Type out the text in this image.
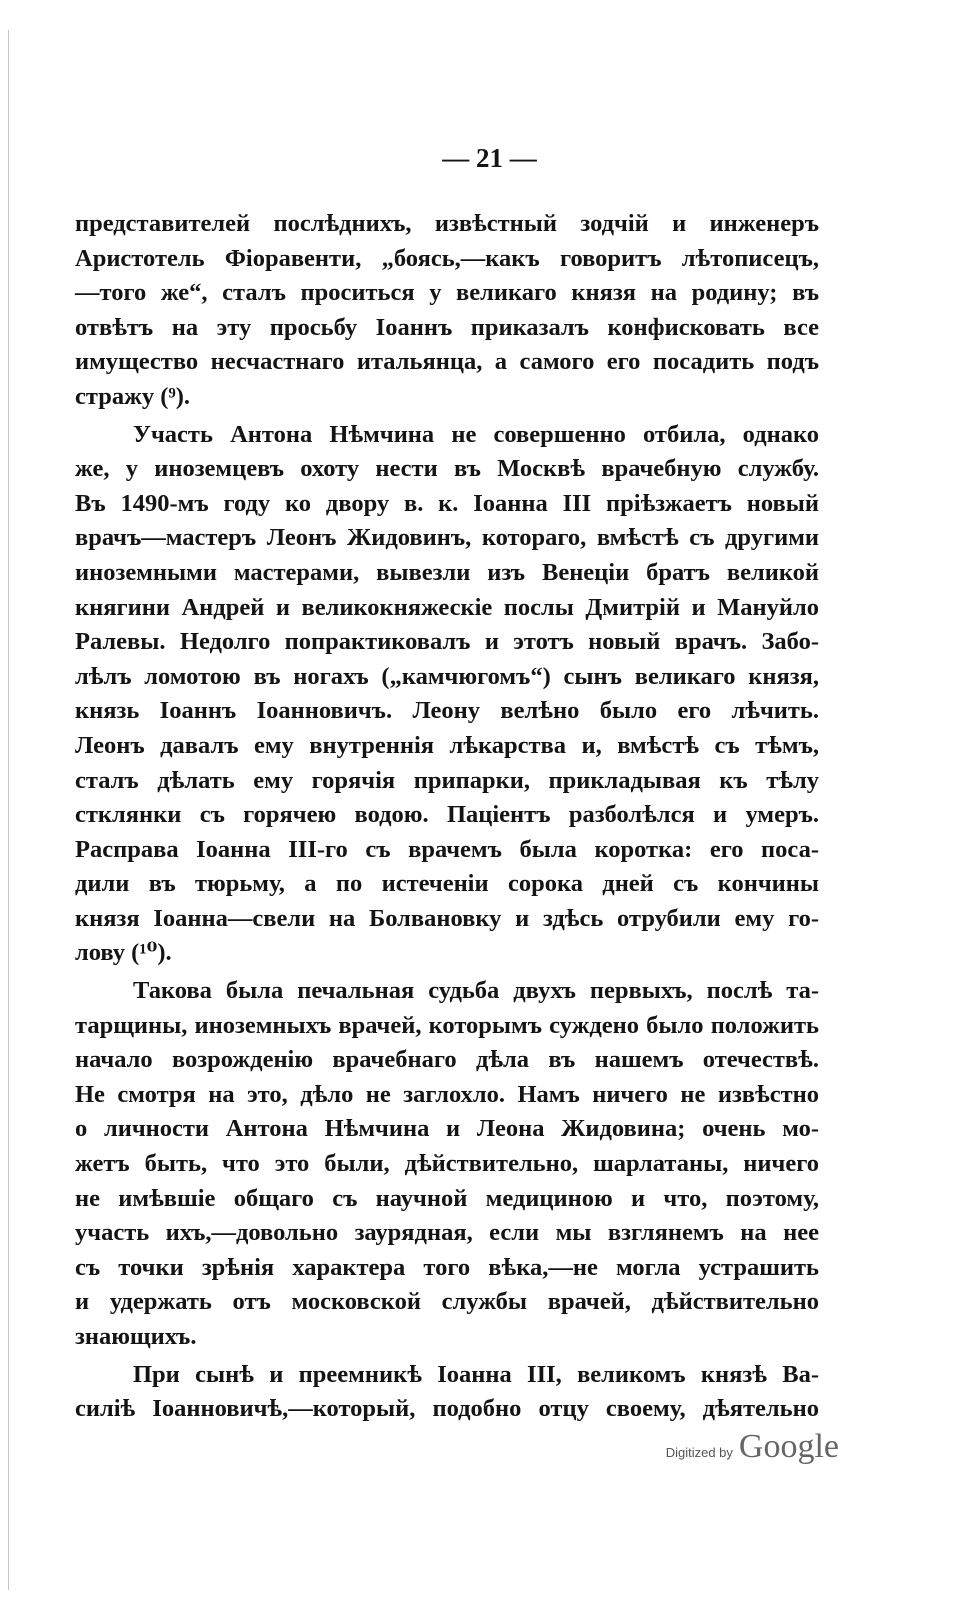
— 21 —
представителей послѣднихъ, извѣстный зодчій и инженеръ
Аристотель Фіоравенти, „боясь,—какъ говоритъ лѣтописецъ,
—того же“, сталъ проситься у великаго князя на родину; въ
отвѣтъ на эту просьбу Іоаннъ приказалъ конфисковать все
имущество несчастнаго итальянца, а самого его посадить подъ
стражу (⁹).
Участь Антона Нѣмчина не совершенно отбила, однако
же, у иноземцевъ охоту нести въ Москвѣ врачебную службу.
Въ 1490-мъ году ко двору в. к. Іоанна III пріѣзжаетъ новый
врачъ—мастеръ Леонъ Жидовинъ, котораго, вмѣстѣ съ другими
иноземными мастерами, вывезли изъ Венеціи братъ великой
княгини Андрей и великокняжескіе послы Дмитрій и Мануйло
Ралевы. Недолго попрактиковалъ и этотъ новый врачъ. Забо-
лѣлъ ломотою въ ногахъ („камчюгомъ“) сынъ великаго князя,
князь Іоаннъ Іоанновичъ. Леону велѣно было его лѣчить.
Леонъ давалъ ему внутреннія лѣкарства и, вмѣстѣ съ тѣмъ,
сталъ дѣлать ему горячія припарки, прикладывая къ тѣлу
стклянки съ горячею водою. Паціентъ разболѣлся и умеръ.
Расправа Іоанна III-го съ врачемъ была коротка: его поса-
дили въ тюрьму, а по истеченіи сорока дней съ кончины
князя Іоанна—свели на Болвановку и здѣсь отрубили ему го-
лову (¹⁰).
Такова была печальная судьба двухъ первыхъ, послѣ та-
тарщины, иноземныхъ врачей, которымъ суждено было положить
начало возрожденію врачебнаго дѣла въ нашемъ отечествѣ.
Не смотря на это, дѣло не заглохло. Намъ ничего не извѣстно
о личности Антона Нѣмчина и Леона Жидовина; очень мо-
жетъ быть, что это были, дѣйствительно, шарлатаны, ничего
не имѣвшіе общаго съ научной медициною и что, поэтому,
участь ихъ,—довольно заурядная, если мы взглянемъ на нее
съ точки зрѣнія характера того вѣка,—не могла устрашить
и удержать отъ московской службы врачей, дѣйствительно
знающихъ.
При сынѣ и преемникѣ Іоанна III, великомъ князѣ Ва-
силіѣ Іоанновичѣ,—который, подобно отцу своему, дѣятельно
Digitized by Google
